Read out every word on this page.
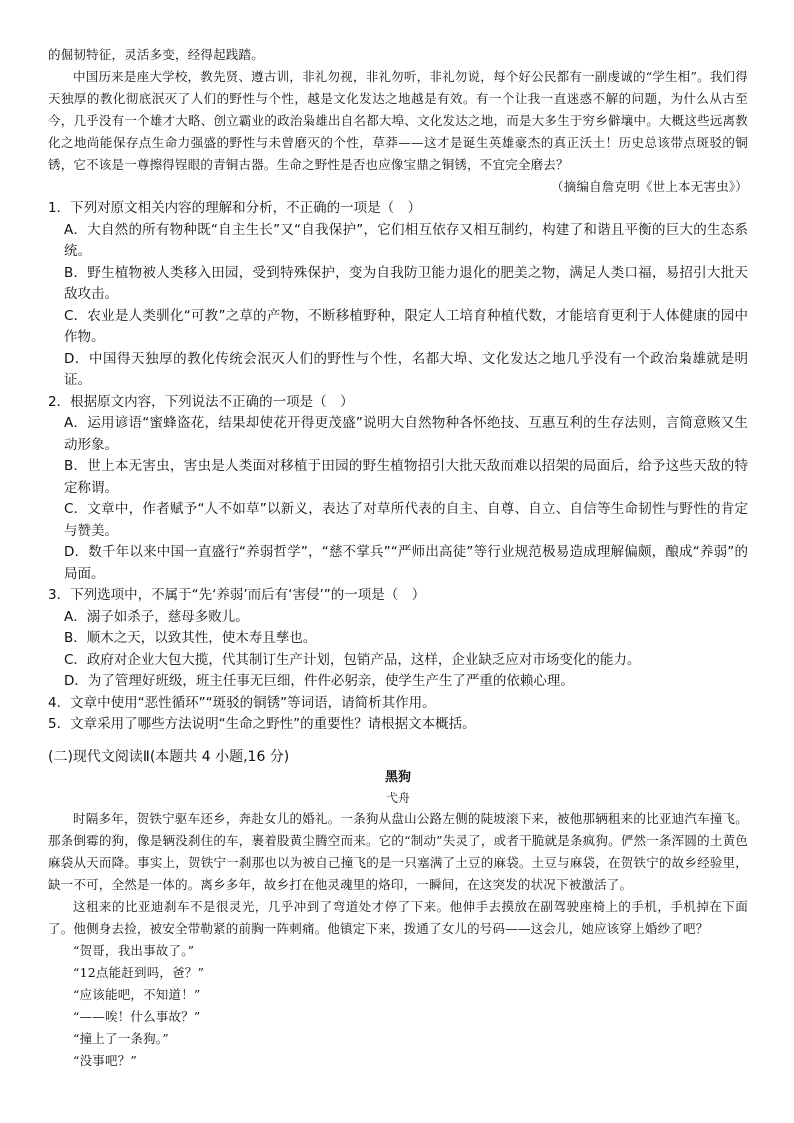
的倔韧特征，灵活多变，经得起践踏。

中国历来是座大学校，教先贤、遵古训，非礼勿视，非礼勿听，非礼勿说，每个好公民都有一副虔诚的“学生相”。我们得天独厚的教化彻底泯灭了人们的野性与个性，越是文化发达之地越是有效。有一个让我一直迷惑不解的问题，为什么从古至今，几乎没有一个雄才大略、创立霸业的政治枭雄出自名都大埠、文化发达之地，而是大多生于穷乡僻壤中。大概这些远离教化之地尚能保存点生命力强盛的野性与未曾磨灭的个性，草莽——这才是诞生英雄豪杰的真正沃土！历史总该带点斑驳的铜锈，它不该是一尊擦得锃眼的青铜古器。生命之野性是否也应像宝鼎之铜锈，不宜完全磨去？

（摘编自詹克明《世上本无害虫》）

1．下列对原文相关内容的理解和分析，不正确的一项是（　）

A．大自然的所有物种既“自主生长”又“自我保护”，它们相互依存又相互制约，构建了和谐且平衡的巨大的生态系统。

B．野生植物被人类移入田园，受到特殊保护，变为自我防卫能力退化的肥美之物，满足人类口福，易招引大批天敌攻击。

C．农业是人类驯化“可教”之草的产物，不断移植野种，限定人工培育种植代数，才能培育更利于人体健康的园中作物。

D．中国得天独厚的教化传统会泯灭人们的野性与个性，名都大埠、文化发达之地几乎没有一个政治枭雄就是明证。

2．根据原文内容，下列说法不正确的一项是（　）

A．运用谚语“蜜蜂盗花，结果却使花开得更茂盛”说明大自然物种各怀绝技、互惠互利的生存法则，言简意赅又生动形象。

B．世上本无害虫，害虫是人类面对移植于田园的野生植物招引大批天敌而难以招架的局面后，给予这些天敌的特定称谓。

C．文章中，作者赋予“人不如草”以新义，表达了对草所代表的自主、自尊、自立、自信等生命韧性与野性的肯定与赞美。

D．数千年以来中国一直盛行“养弱哲学”，“慈不掌兵”“严师出高徒”等行业规范极易造成理解偏颇，酿成“养弱”的局面。

3．下列选项中，不属于“先‘养弱’而后有‘害侵’”的一项是（　）

A．溺子如杀子，慈母多败儿。

B．顺木之天，以致其性，使木寿且孳也。

C．政府对企业大包大揽，代其制订生产计划，包销产品，这样，企业缺乏应对市场变化的能力。

D．为了管理好班级，班主任事无巨细，件件必躬亲，使学生产生了严重的依赖心理。

4．文章中使用“恶性循环”“斑驳的铜锈”等词语，请简析其作用。

5．文章采用了哪些方法说明“生命之野性”的重要性？请根据文本概括。

(二)现代文阅读Ⅱ(本题共 4 小题,16 分)
黑狗
弋舟

时隔多年，贺铁宁驱车还乡，奔赴女儿的婚礼。一条狗从盘山公路左侧的陡坡滚下来，被他那辆租来的比亚迪汽车撞飞。那条倒霉的狗，像是辆没刹住的车，裹着股黄尘腾空而来。它的“制动”失灵了，或者干脆就是条疯狗。俨然一条浑圆的土黄色麻袋从天而降。事实上，贺铁宁一刹那也以为被自己撞飞的是一只塞满了土豆的麻袋。土豆与麻袋，在贺铁宁的故乡经验里，缺一不可，全然是一体的。离乡多年，故乡打在他灵魂里的烙印，一瞬间，在这突发的状况下被激活了。

这租来的比亚迪刹车不是很灵光，几乎冲到了弯道处才停了下来。他伸手去摸放在副驾驶座椅上的手机，手机掉在下面了。他侧身去捡，被安全带勒紧的前胸一阵刺痛。他镇定下来，拨通了女儿的号码——这会儿，她应该穿上婚纱了吧？

“贺哥，我出事故了。”

“12点能赶到吗，爸？”

“应该能吧，不知道！”

“——唉！什么事故？”

“撞上了一条狗。”

“没事吧？”
